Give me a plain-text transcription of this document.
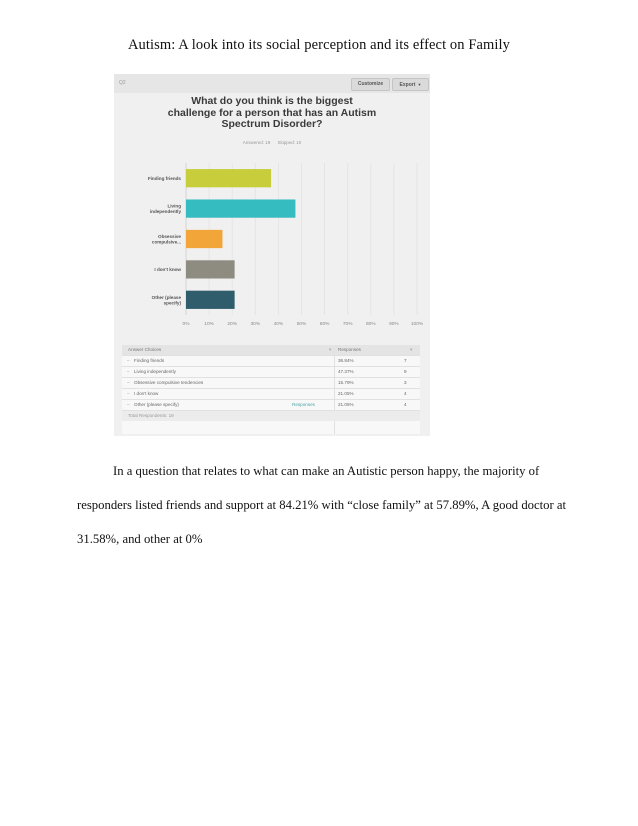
Autism: A look into its social perception and its effect on Family
Q2	Customize	Export ▼
What do you think is the biggest
challenge for a person that has an Autism
Spectrum Disorder?
Answered: 19 Skipped: 10
0%	10%	20%	30%	40%	50%	60%	70%	80%	90%	100%
Finding friends
Living
independently
Obsessive
compulsive...
I don't know
Other (please
specify)
Answer Choices	▾ Responses	▾
– Finding friends	36.84%	7
– Living independently	47.37%	9
– Obsessive compulsive tendencies	15.79%	3
– I don't know	21.05%	4
– Other (please specify)	Responses	21.05%	4
Total Respondents: 19
In a question that relates to what can make an Autistic person happy, the majority of
responders listed friends and support at 84.21% with “close family” at 57.89%, A good doctor at
31.58%, and other at 0%
